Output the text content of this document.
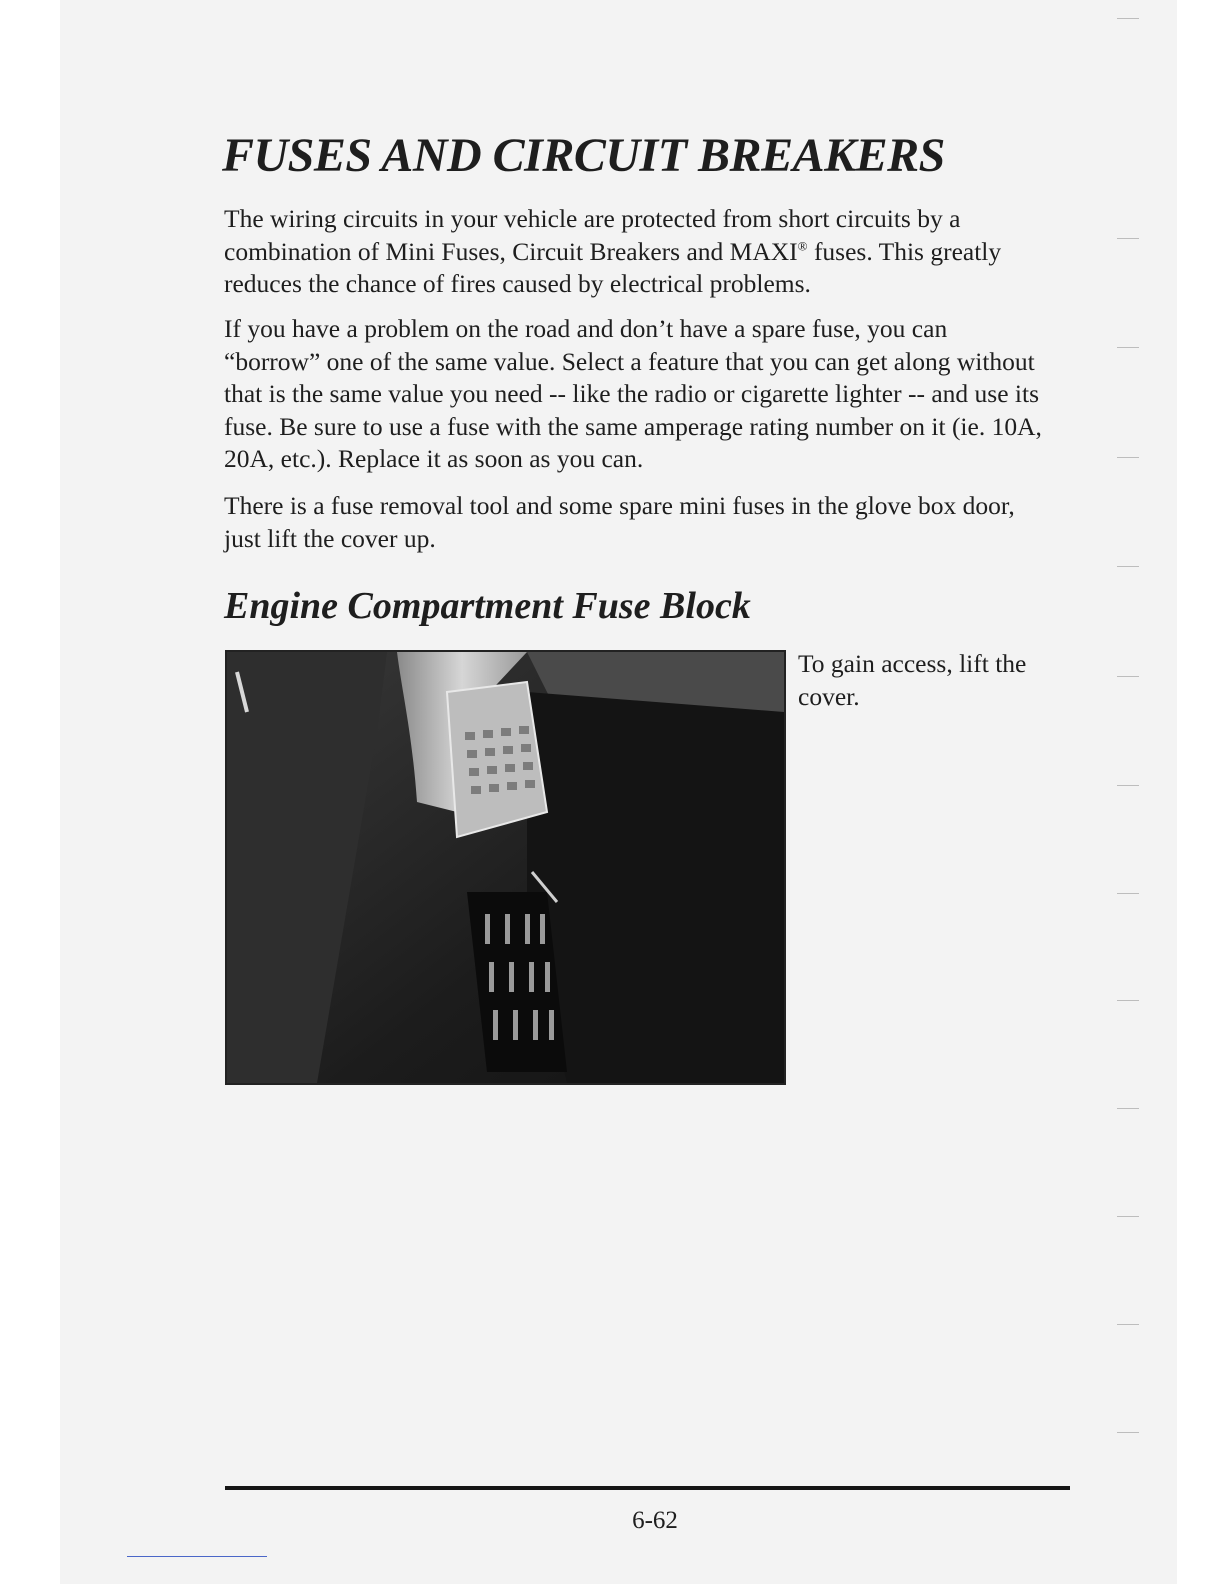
FUSES AND CIRCUIT BREAKERS

The wiring circuits in your vehicle are protected from short circuits by a combination of Mini Fuses, Circuit Breakers and MAXI® fuses. This greatly reduces the chance of fires caused by electrical problems.

If you have a problem on the road and don’t have a spare fuse, you can “borrow” one of the same value. Select a feature that you can get along without that is the same value you need -- like the radio or cigarette lighter -- and use its fuse. Be sure to use a fuse with the same amperage rating number on it (ie. 10A, 20A, etc.). Replace it as soon as you can.

There is a fuse removal tool and some spare mini fuses in the glove box door, just lift the cover up.

Engine Compartment Fuse Block

To gain access, lift the cover.

6-62
